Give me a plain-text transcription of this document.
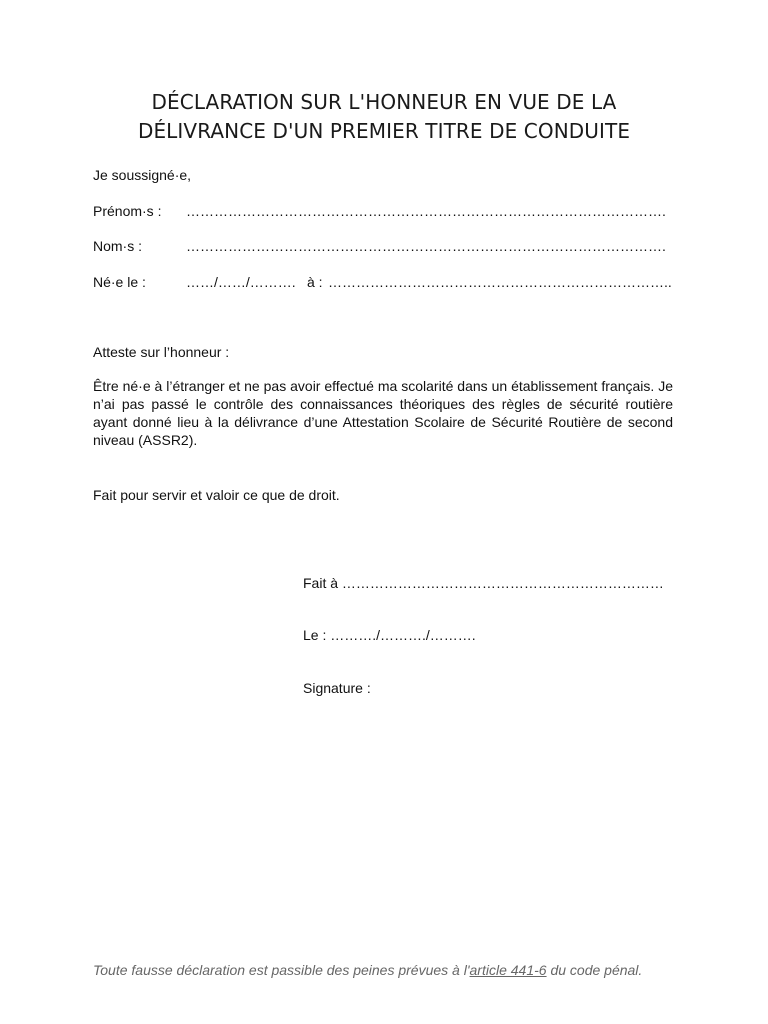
DÉCLARATION SUR L'HONNEUR EN VUE DE LA
DÉLIVRANCE D'UN PREMIER TITRE DE CONDUITE
Je soussigné·e,
Prénom·s : ………………………………………………………………………………………….
Nom·s :	………………………………………………………………………………………….
Né·e le :	……/……/………. à : ………………………………………………………………..
Atteste sur l’honneur :

Être né·e à l’étranger et ne pas avoir effectué ma scolarité dans un établissement français. Je n’ai pas passé le contrôle des connaissances théoriques des règles de sécurité routière ayant donné lieu à la délivrance d’une Attestation Scolaire de Sécurité Routière de second niveau (ASSR2).

Fait pour servir et valoir ce que de droit.
Fait à ……………………………………………………………
Le : ………./………./……….
Signature :
Toute fausse déclaration est passible des peines prévues à l'article 441-6 du code pénal.
